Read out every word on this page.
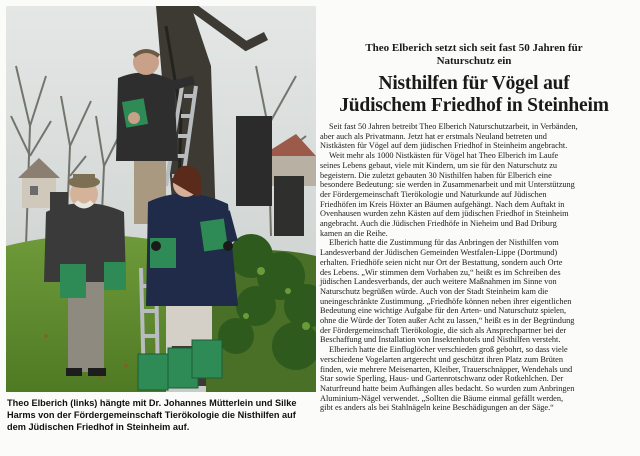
Theo Elberich (links) hängte mit Dr. Johannes Mütterlein und Silke
Harms von der Fördergemeinschaft Tierökologie die Nisthilfen auf
dem Jüdischen Friedhof in Steinheim auf.
Theo Elberich setzt sich seit fast 50 Jahren für
Naturschutz ein
Nisthilfen für Vögel auf
Jüdischem Friedhof in Steinheim

Seit fast 50 Jahren betreibt Theo Elberich Naturschutzarbeit, in Verbänden,
aber auch als Privatmann. Jetzt hat er erstmals Neuland betreten und
Nistkästen für Vögel auf dem jüdischen Friedhof in Steinheim angebracht.

Weit mehr als 1000 Nistkästen für Vögel hat Theo Elberich im Laufe
seines Lebens gebaut, viele mit Kindern, um sie für den Naturschutz zu
begeistern. Die zuletzt gebauten 30 Nisthilfen haben für Elberich eine
besondere Bedeutung: sie werden in Zusammenarbeit und mit Unterstützung
der Fördergemeinschaft Tierökologie und Naturkunde auf Jüdischen
Friedhöfen im Kreis Höxter an Bäumen aufgehängt. Nach dem Auftakt in
Ovenhausen wurden zehn Kästen auf dem jüdischen Friedhof in Steinheim
angebracht. Auch die Jüdischen Friedhöfe in Nieheim und Bad Driburg
kamen an die Reihe.

Elberich hatte die Zustimmung für das Anbringen der Nisthilfen vom
Landesverband der Jüdischen Gemeinden Westfalen-Lippe (Dortmund)
erhalten. Friedhöfe seien nicht nur Ort der Bestattung, sondern auch Orte
des Lebens. „Wir stimmen dem Vorhaben zu,“ heißt es im Schreiben des
jüdischen Landesverbands, der auch weitere Maßnahmen im Sinne von
Naturschutz begrüßen würde. Auch von der Stadt Steinheim kam die
uneingeschränkte Zustimmung. „Friedhöfe können neben ihrer eigentlichen
Bedeutung eine wichtige Aufgabe für den Arten- und Naturschutz spielen,
ohne die Würde der Toten außer Acht zu lassen,“ heißt es in der Begründung
der Fördergemeinschaft Tierökologie, die sich als Ansprechpartner bei der
Beschaffung und Installation von Insektenhotels und Nisthilfen versteht.

Elberich hatte die Einfluglöcher verschieden groß gebohrt, so dass viele
verschiedene Vogelarten artgerecht und geschützt ihren Platz zum Brüten
finden, wie mehrere Meisenarten, Kleiber, Trauerschnäpper, Wendehals und
Star sowie Sperling, Haus- und Gartenrotschwanz oder Rotkehlchen. Der
Naturfreund hatte beim Aufhängen alles bedacht. So wurden zum Anbringen
Aluminium-Nägel verwendet. „Sollten die Bäume einmal gefällt werden,
gibt es anders als bei Stahlnägeln keine Beschädigungen an der Säge.“
